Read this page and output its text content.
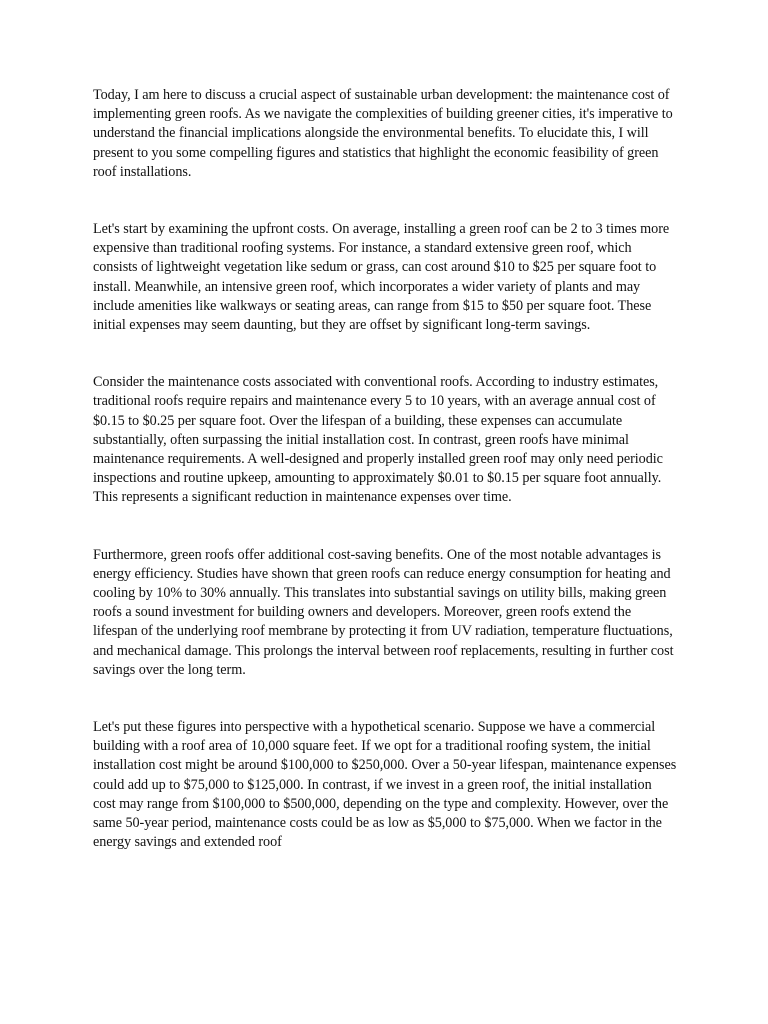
Today, I am here to discuss a crucial aspect of sustainable urban development: the maintenance cost of implementing green roofs. As we navigate the complexities of building greener cities, it's imperative to understand the financial implications alongside the environmental benefits. To elucidate this, I will present to you some compelling figures and statistics that highlight the economic feasibility of green roof installations.

Let's start by examining the upfront costs. On average, installing a green roof can be 2 to 3 times more expensive than traditional roofing systems. For instance, a standard extensive green roof, which consists of lightweight vegetation like sedum or grass, can cost around $10 to $25 per square foot to install. Meanwhile, an intensive green roof, which incorporates a wider variety of plants and may include amenities like walkways or seating areas, can range from $15 to $50 per square foot. These initial expenses may seem daunting, but they are offset by significant long-term savings.

Consider the maintenance costs associated with conventional roofs. According to industry estimates, traditional roofs require repairs and maintenance every 5 to 10 years, with an average annual cost of $0.15 to $0.25 per square foot. Over the lifespan of a building, these expenses can accumulate substantially, often surpassing the initial installation cost. In contrast, green roofs have minimal maintenance requirements. A well-designed and properly installed green roof may only need periodic inspections and routine upkeep, amounting to approximately $0.01 to $0.15 per square foot annually. This represents a significant reduction in maintenance expenses over time.

Furthermore, green roofs offer additional cost-saving benefits. One of the most notable advantages is energy efficiency. Studies have shown that green roofs can reduce energy consumption for heating and cooling by 10% to 30% annually. This translates into substantial savings on utility bills, making green roofs a sound investment for building owners and developers. Moreover, green roofs extend the lifespan of the underlying roof membrane by protecting it from UV radiation, temperature fluctuations, and mechanical damage. This prolongs the interval between roof replacements, resulting in further cost savings over the long term.

Let's put these figures into perspective with a hypothetical scenario. Suppose we have a commercial building with a roof area of 10,000 square feet. If we opt for a traditional roofing system, the initial installation cost might be around $100,000 to $250,000. Over a 50-year lifespan, maintenance expenses could add up to $75,000 to $125,000. In contrast, if we invest in a green roof, the initial installation cost may range from $100,000 to $500,000, depending on the type and complexity. However, over the same 50-year period, maintenance costs could be as low as $5,000 to $75,000. When we factor in the energy savings and extended roof
